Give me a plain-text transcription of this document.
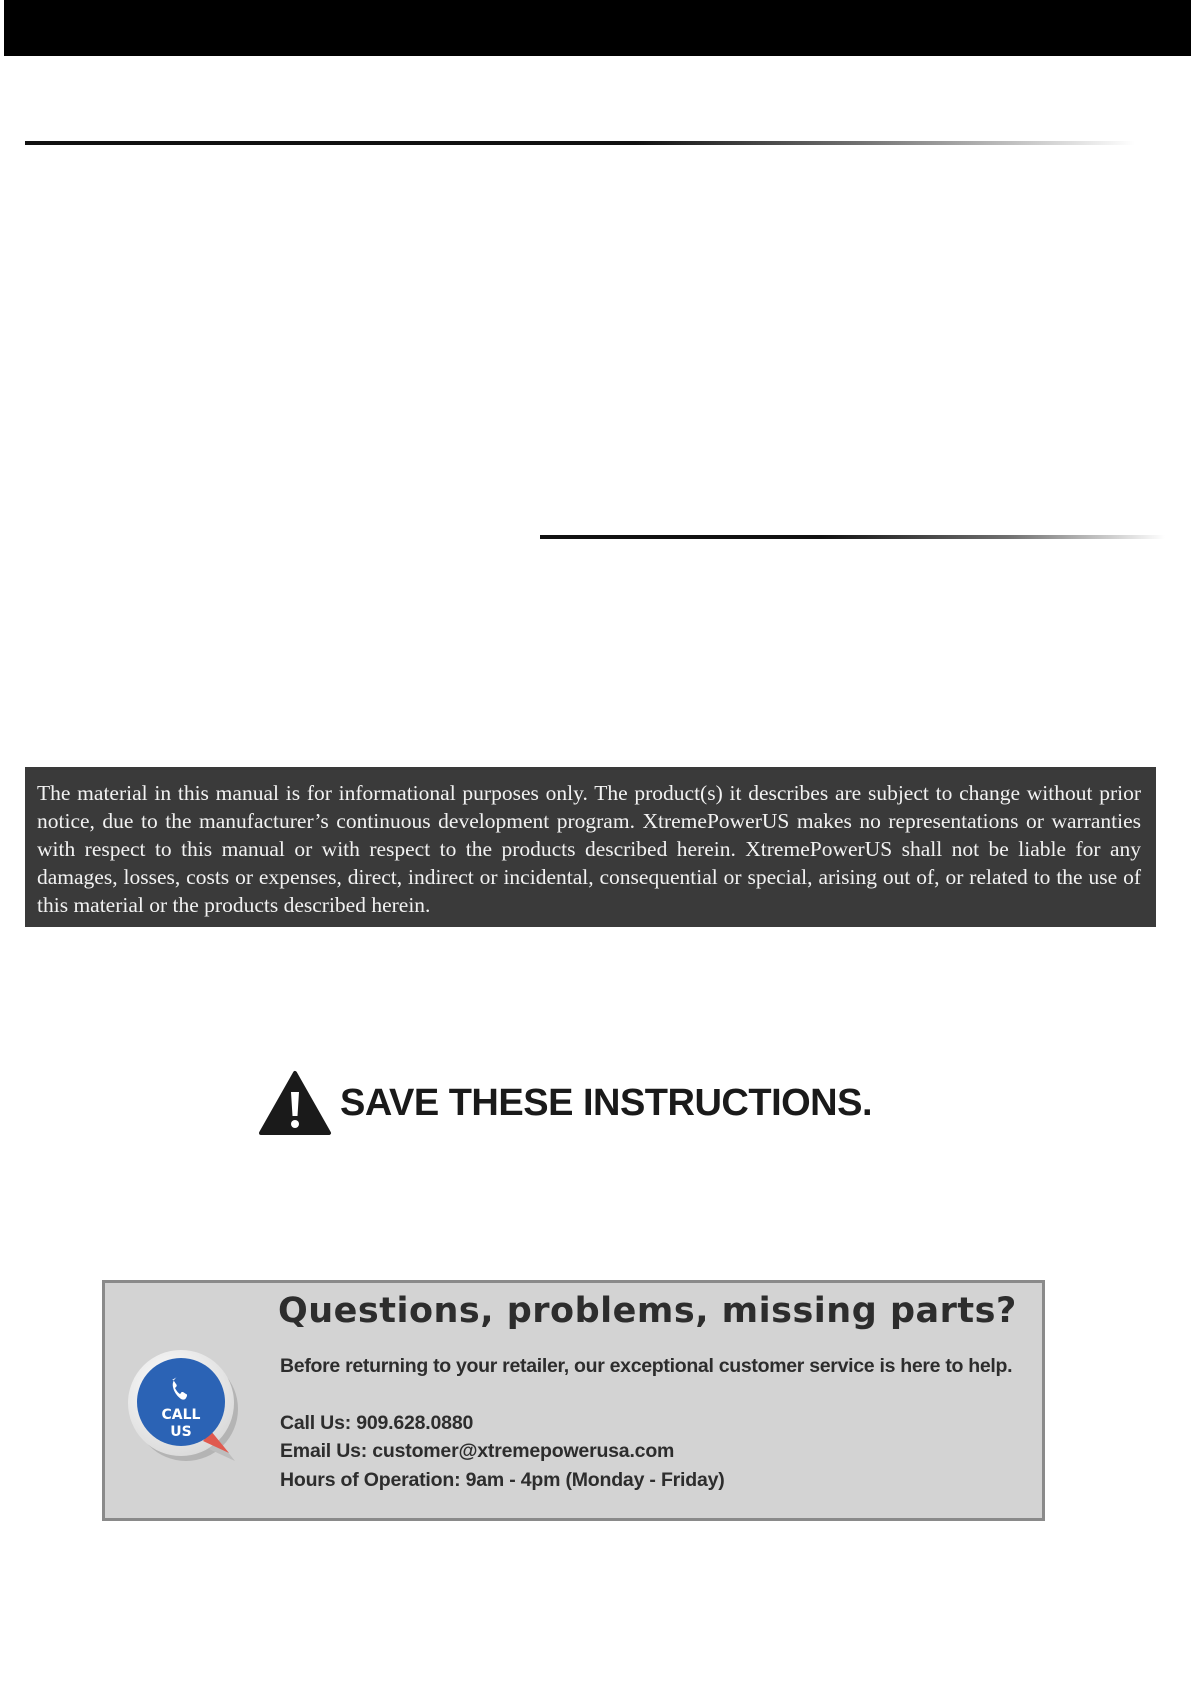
The material in this manual is for informational purposes only. The product(s) it describes are subject to change without prior notice, due to the manufacturer’s continuous development program. XtremePowerUS makes no representations or warranties with respect to this manual or with respect to the products described herein. XtremePowerUS shall not be liable for any damages, losses, costs or expenses, direct, indirect or incidental, consequential or special, arising out of, or related to the use of this material or the products described herein.

SAVE THESE INSTRUCTIONS.
CALL
US
Questions, problems, missing parts?

Before returning to your retailer, our exceptional customer service is here to help.

Call Us: 909.628.0880

Email Us: customer@xtremepowerusa.com

Hours of Operation: 9am - 4pm (Monday - Friday)
